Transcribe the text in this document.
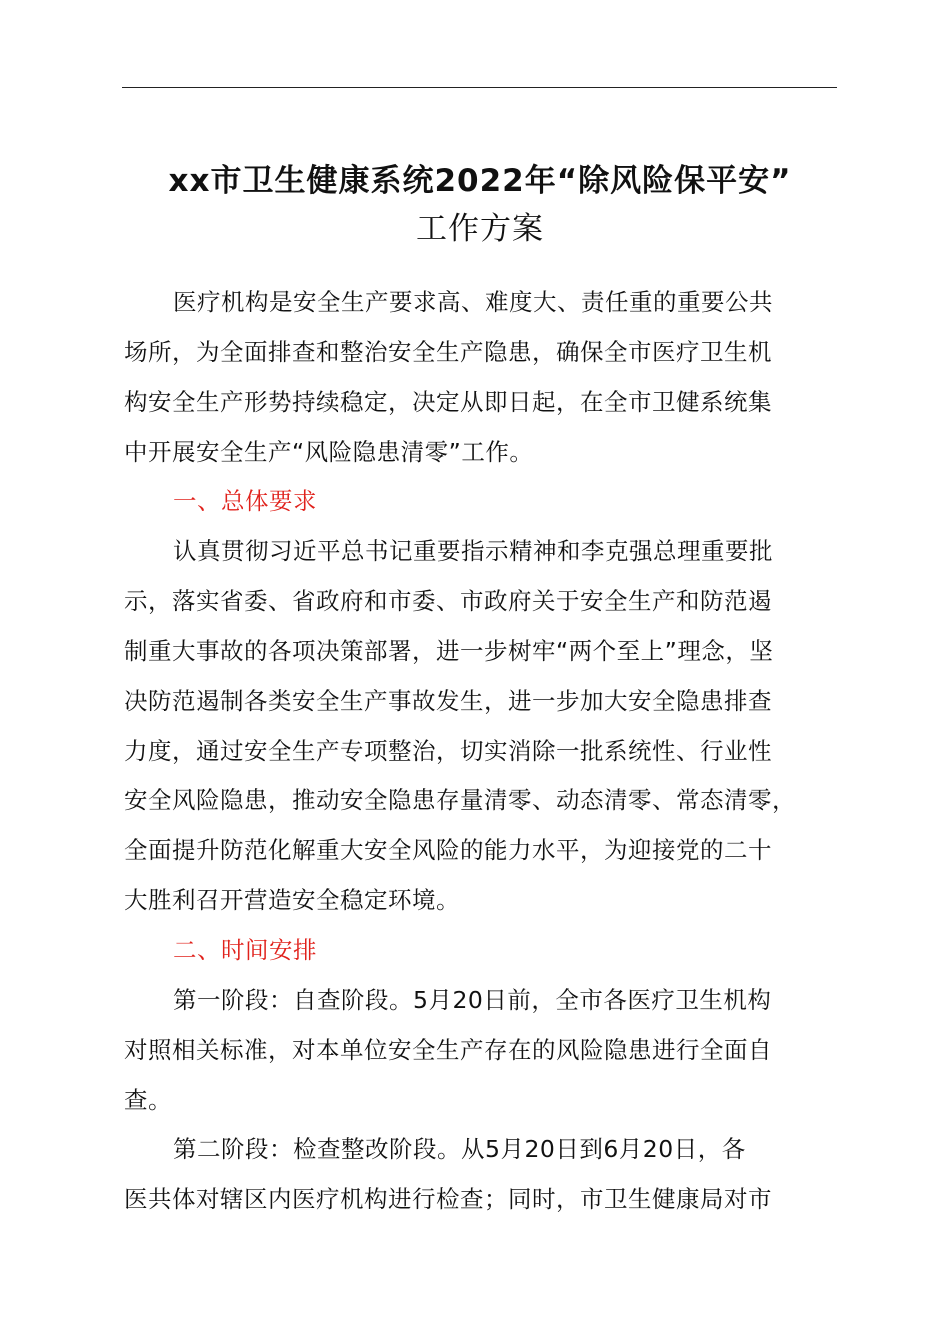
xx市卫生健康系统2022年“除风险保平安”
工作方案
医疗机构是安全生产要求高、难度大、责任重的重要公共
场所，为全面排查和整治安全生产隐患，确保全市医疗卫生机
构安全生产形势持续稳定，决定从即日起，在全市卫健系统集
中开展安全生产“风险隐患清零”工作。
一、总体要求
认真贯彻习近平总书记重要指示精神和李克强总理重要批
示，落实省委、省政府和市委、市政府关于安全生产和防范遏
制重大事故的各项决策部署，进一步树牢“两个至上”理念，坚
决防范遏制各类安全生产事故发生，进一步加大安全隐患排查
力度，通过安全生产专项整治，切实消除一批系统性、行业性
安全风险隐患，推动安全隐患存量清零、动态清零、常态清零，
全面提升防范化解重大安全风险的能力水平，为迎接党的二十
大胜利召开营造安全稳定环境。
二、时间安排
第一阶段：自查阶段。5月20日前，全市各医疗卫生机构
对照相关标准，对本单位安全生产存在的风险隐患进行全面自
查。
第二阶段：检查整改阶段。从5月20日到6月20日，各
医共体对辖区内医疗机构进行检查；同时，市卫生健康局对市
